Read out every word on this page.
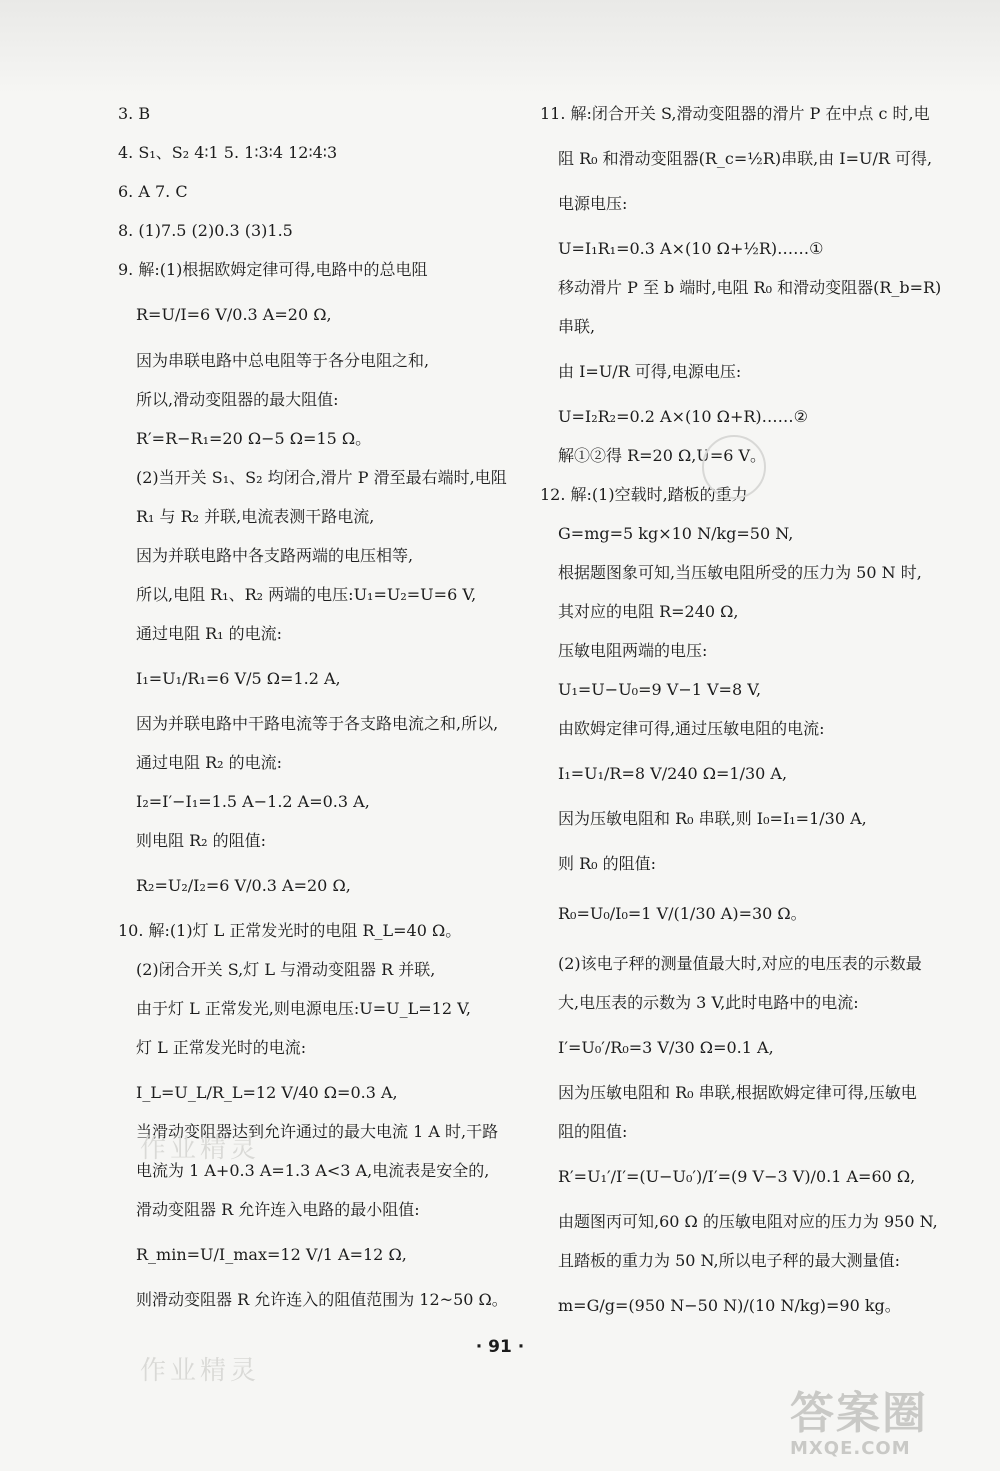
3. B
4. S₁、S₂ 4∶1 5. 1∶3∶4 12∶4∶3
6. A 7. C
8. (1)7.5 (2)0.3 (3)1.5
9. 解:(1)根据欧姆定律可得,电路中的总电阻
R=U/I=6 V/0.3 A=20 Ω,
因为串联电路中总电阻等于各分电阻之和,
所以,滑动变阻器的最大阻值:
R′=R−R₁=20 Ω−5 Ω=15 Ω。
(2)当开关 S₁、S₂ 均闭合,滑片 P 滑至最右端时,电阻
R₁ 与 R₂ 并联,电流表测干路电流,
因为并联电路中各支路两端的电压相等,
所以,电阻 R₁、R₂ 两端的电压:U₁=U₂=U=6 V,
通过电阻 R₁ 的电流:
I₁=U₁/R₁=6 V/5 Ω=1.2 A,
因为并联电路中干路电流等于各支路电流之和,所以,
通过电阻 R₂ 的电流:
I₂=I′−I₁=1.5 A−1.2 A=0.3 A,
则电阻 R₂ 的阻值:
R₂=U₂/I₂=6 V/0.3 A=20 Ω,
10. 解:(1)灯 L 正常发光时的电阻 R_L=40 Ω。
(2)闭合开关 S,灯 L 与滑动变阻器 R 并联,
由于灯 L 正常发光,则电源电压:U=U_L=12 V,
灯 L 正常发光时的电流:
I_L=U_L/R_L=12 V/40 Ω=0.3 A,
当滑动变阻器达到允许通过的最大电流 1 A 时,干路
电流为 1 A+0.3 A=1.3 A<3 A,电流表是安全的,
滑动变阻器 R 允许连入电路的最小阻值:
R_min=U/I_max=12 V/1 A=12 Ω,
则滑动变阻器 R 允许连入的阻值范围为 12~50 Ω。
11. 解:闭合开关 S,滑动变阻器的滑片 P 在中点 c 时,电
阻 R₀ 和滑动变阻器(R_c=½R)串联,由 I=U/R 可得,
电源电压:
U=I₁R₁=0.3 A×(10 Ω+½R)……①
移动滑片 P 至 b 端时,电阻 R₀ 和滑动变阻器(R_b=R)
串联,
由 I=U/R 可得,电源电压:
U=I₂R₂=0.2 A×(10 Ω+R)……②
解①②得 R=20 Ω,U=6 V。
12. 解:(1)空载时,踏板的重力
G=mg=5 kg×10 N/kg=50 N,
根据题图象可知,当压敏电阻所受的压力为 50 N 时,
其对应的电阻 R=240 Ω,
压敏电阻两端的电压:
U₁=U−U₀=9 V−1 V=8 V,
由欧姆定律可得,通过压敏电阻的电流:
I₁=U₁/R=8 V/240 Ω=1/30 A,
因为压敏电阻和 R₀ 串联,则 I₀=I₁=1/30 A,
则 R₀ 的阻值:
R₀=U₀/I₀=1 V/(1/30 A)=30 Ω。
(2)该电子秤的测量值最大时,对应的电压表的示数最
大,电压表的示数为 3 V,此时电路中的电流:
I′=U₀′/R₀=3 V/30 Ω=0.1 A,
因为压敏电阻和 R₀ 串联,根据欧姆定律可得,压敏电
阻的阻值:
R′=U₁′/I′=(U−U₀′)/I′=(9 V−3 V)/0.1 A=60 Ω,
由题图丙可知,60 Ω 的压敏电阻对应的压力为 950 N,
且踏板的重力为 50 N,所以电子秤的最大测量值:
m=G/g=(950 N−50 N)/(10 N/kg)=90 kg。
作业精灵
作业精灵
· 91 ·
答案圈
MXQE.COM
